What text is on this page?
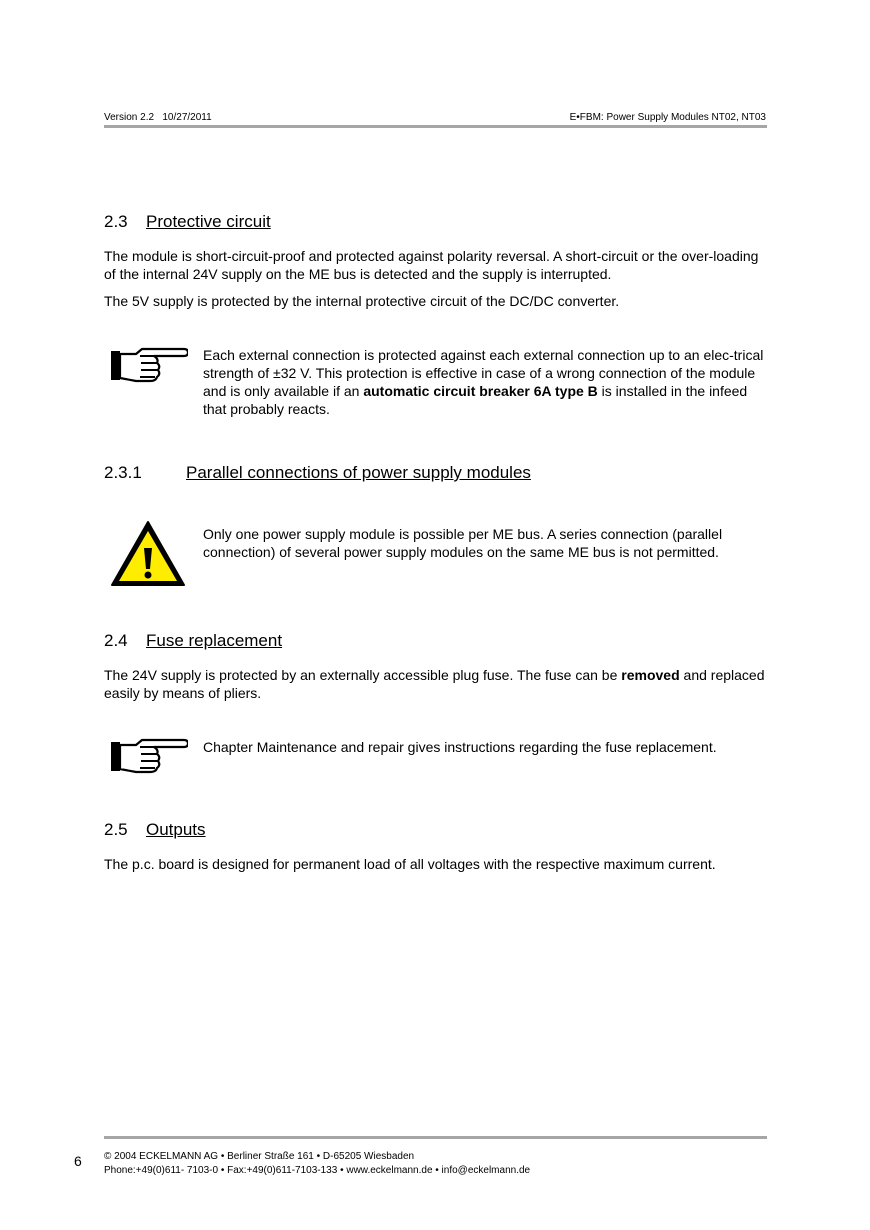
Version 2.2   10/27/2011	E•FBM: Power Supply Modules NT02, NT03
2.3 Protective circuit

The module is short-circuit-proof and protected against polarity reversal. A short-circuit or the over-loading of the internal 24V supply on the ME bus is detected and the supply is interrupted.

The 5V supply is protected by the internal protective circuit of the DC/DC converter.

Each external connection is protected against each external connection up to an elec-trical strength of ±32 V. This protection is effective in case of a wrong connection of the module and is only available if an automatic circuit breaker 6A type B is installed in the infeed that probably reacts.

2.3.1	Parallel connections of power supply modules

Only one power supply module is possible per ME bus. A series connection (parallel connection) of several power supply modules on the same ME bus is not permitted.

2.4 Fuse replacement

The 24V supply is protected by an externally accessible plug fuse. The fuse can be removed and replaced easily by means of pliers.

Chapter Maintenance and repair gives instructions regarding the fuse replacement.

2.5 Outputs

The p.c. board is designed for permanent load of all voltages with the respective maximum current.

6 © 2004 ECKELMANN AG • Berliner Straße 161 • D-65205 Wiesbaden
Phone:+49(0)611- 7103-0 • Fax:+49(0)611-7103-133 • www.eckelmann.de • info@eckelmann.de
